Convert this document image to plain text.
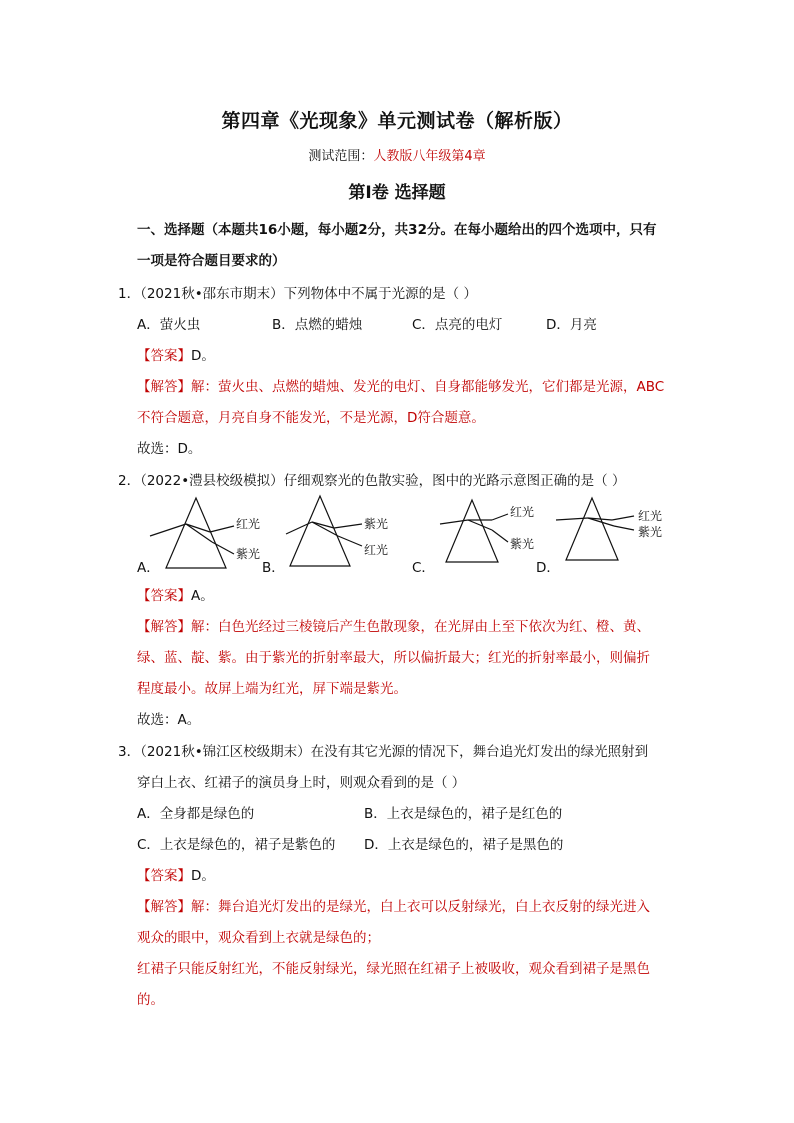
第四章《光现象》单元测试卷（解析版）
测试范围：人教版八年级第4章
第Ⅰ卷 选择题
一、选择题（本题共16小题，每小题2分，共32分。在每小题给出的四个选项中，只有
一项是符合题目要求的）
1．（2021秋•邵东市期末）下列物体中不属于光源的是（ ）
A．萤火虫	B．点燃的蜡烛	C．点亮的电灯	D．月亮
【答案】D。
【解答】解：萤火虫、点燃的蜡烛、发光的电灯、自身都能够发光，它们都是光源，ABC
不符合题意，月亮自身不能发光，不是光源，D符合题意。
故选：D。
2．（2022•澧县校级模拟）仔细观察光的色散实验，图中的光路示意图正确的是（ ）
A．	B．	C．	D．
红光
紫光
紫光
红光
红光
紫光
红光
紫光
【答案】A。
【解答】解：白色光经过三棱镜后产生色散现象，在光屏由上至下依次为红、橙、黄、
绿、蓝、靛、紫。由于紫光的折射率最大，所以偏折最大；红光的折射率最小，则偏折
程度最小。故屏上端为红光，屏下端是紫光。
故选：A。
3．（2021秋•锦江区校级期末）在没有其它光源的情况下，舞台追光灯发出的绿光照射到
穿白上衣、红裙子的演员身上时，则观众看到的是（ ）
A．全身都是绿色的	B．上衣是绿色的，裙子是红色的
C．上衣是绿色的，裙子是紫色的 D．上衣是绿色的，裙子是黑色的
【答案】D。
【解答】解：舞台追光灯发出的是绿光，白上衣可以反射绿光，白上衣反射的绿光进入
观众的眼中，观众看到上衣就是绿色的；
红裙子只能反射红光，不能反射绿光，绿光照在红裙子上被吸收，观众看到裙子是黑色
的。
